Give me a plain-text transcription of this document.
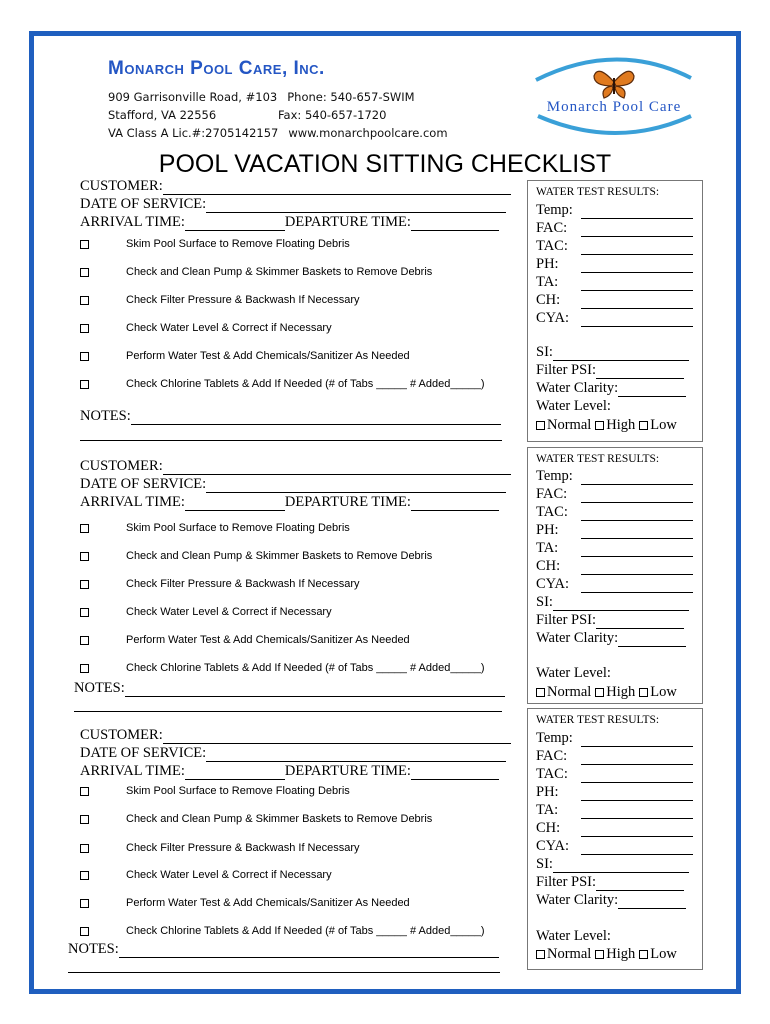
Monarch Pool Care, Inc.
909 Garrisonville Road, #103 Phone: 540-657-SWIM
Stafford, VA 22556	Fax: 540-657-1720
VA Class A Lic.#:2705142157 www.monarchpoolcare.com
Monarch Pool Care
POOL VACATION SITTING CHECKLIST
CUSTOMER:
DATE OF SERVICE:
ARRIVAL TIME:	DEPARTURE TIME:
Skim Pool Surface to Remove Floating Debris
Check and Clean Pump & Skimmer Baskets to Remove Debris
Check Filter Pressure & Backwash If Necessary
Check Water Level & Correct if Necessary
Perform Water Test & Add Chemicals/Sanitizer As Needed
Check Chlorine Tablets & Add If Needed (# of Tabs _____ # Added_____)
NOTES:
WATER TEST RESULTS:
Temp:
FAC:
TAC:
PH:
TA:
CH:
CYA:
SI:
Filter PSI:
Water Clarity:
Water Level:
Normal High Low
CUSTOMER:
DATE OF SERVICE:
ARRIVAL TIME:	DEPARTURE TIME:
Skim Pool Surface to Remove Floating Debris
Check and Clean Pump & Skimmer Baskets to Remove Debris
Check Filter Pressure & Backwash If Necessary
Check Water Level & Correct if Necessary
Perform Water Test & Add Chemicals/Sanitizer As Needed
Check Chlorine Tablets & Add If Needed (# of Tabs _____ # Added_____)
NOTES:
WATER TEST RESULTS:
Temp:
FAC:
TAC:
PH:
TA:
CH:
CYA:
SI:
Filter PSI:
Water Clarity:
Water Level:
Normal High Low
CUSTOMER:
DATE OF SERVICE:
ARRIVAL TIME:	DEPARTURE TIME:
Skim Pool Surface to Remove Floating Debris
Check and Clean Pump & Skimmer Baskets to Remove Debris
Check Filter Pressure & Backwash If Necessary
Check Water Level & Correct if Necessary
Perform Water Test & Add Chemicals/Sanitizer As Needed
Check Chlorine Tablets & Add If Needed (# of Tabs _____ # Added_____)
NOTES:
WATER TEST RESULTS:
Temp:
FAC:
TAC:
PH:
TA:
CH:
CYA:
SI:
Filter PSI:
Water Clarity:
Water Level:
Normal High Low
